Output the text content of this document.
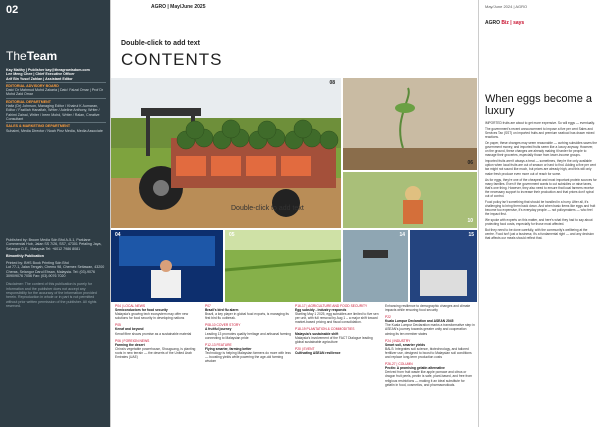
02
TheTeam
Kay Malthy | Publisher kay@theagrowisdom.com
Lee Meng Chee | Chief Executive Officer
Arif Bin Yusof Zahlan | Assistant Editor
EDITORIAL ADVISORY BOARD
Dato' Dr Mahmud Mohd Zakaria | Dato' Faizal Omar | Prof Dr Mohd Zaid Omar
EDITORIAL DEPARTMENT
Hafiz (Dr) Johnson, Managing Editor / Khairul K Aumaran, Editor / Fazillah Hanafiah, Writer / Adeline Anthony, Writer / Fahimi Zainal, Writer / Ireen Mohd, Writer / Ralan, Creative Consultant
SALES & MARKETING DEPARTMENT
Suhaimi, Media Director / Noah Pinz Media, Media Associate
Published by: Broom Media Sdn Bhd A-5-1, Parklane Commercial Hub, Jalan SS 7/26, SS7, 47301 Petaling Jaya, Selangor D.E., Malaysia Tel: +6012 7986 8081
Bimonthly Publication
Printed by: BHS Book Printing Sdn Bhd
Lot 77-1, Jalan Tengah, Chemo 98, Chemex Setiawan, 43200 Cheras, Selangor Darul Ehsan, Malaysia. Tel: (03)-9076 3090/9076 7056 Fax: (03)-9076 7020
Disclaimer: The content of this publication is purely for information and the publisher does not accept any responsibility for the accuracy of the information provided herein. Reproduction in whole or in part is not permitted without prior written permission of the publisher. All rights reserved.
AGRO | May/June 2025
Double-click to add text
CONTENTS
08
Double-click to add text
06
10
04	05	14	15
P04 | LOCAL NEWS
Semiconductors for food security
Malaysia's growing tech ecosystem may offer new solutions for food security in developing nations
P05
Kenaf and beyond
Kenaf fibre shows promise as a sustainable material
P06 | FOREIGN NEWS
Farming the desert
China's vegetable powerhouse, Shouguang, is planting roots in new terrain — the deserts of the United Arab Emirates (UAE)
P07
Brazil's bird flu alarm
Brazil, a key player in global food exports, is managing its first bird flu outbreak.
P08-10 COVER STORY
A fruitful journey
Leading 13 promotes quality heritage and artisanal farming connecting to Malaysian pride
P12-13 FEATURE
Flying smarter, farming better
Technology is helping Malaysian farmers do more with less — boosting yields while powering the age-old farming wisdom
P16-17 | AGRICULTURE AND FOOD SECURITY
Egg subsidy - industry responds
Starting May 1 2025, egg subsidies are limited to five sen per unit, with full removal by Aug 1 – a major shift toward market-based pricing and fiscal consolidation.
P18-19 PLANTATION & COMMODITIES
Malaysia's sustainable shift
Malaysia's involvement of the FACT Dialogue leading global sustainable agriculture
P20 | EVENT
Cultivating ASEAN resilience
Enhancing resilience to demographic changes and climate impacts while ensuring food security
P22
Kuala Lumpur Declaration and ASEAN 2045
The Kuala Lumpur Declaration marks a transformative step in ASEAN's journey towards greater unity and cooperation aiming its ten member states
P24 | INDUSTRY
Smart soil, smarter yields
BALS: Integrates soil science, biotechnology, and tailored fertilizer use, designed to boost to Malaysian soil conditions and replace long-term production costs
P26-27 | COLUMN
Pectin: A promising gelatin alternative
Derived from fruit waste like apple pomace and citrus or dragon fruit peels, pectin is safe, plant-based, and free from religious restrictions — making it an ideal substitute for gelatin in food, cosmetics, and pharmaceuticals.
May/June 2024 | AGRO
AGRO Biz | says
When eggs become a luxury

IMPORTED fruits are about to get more expensive. So will eggs — eventually.

The government's recent announcement to impose a five per cent Sales and Services Tax (SST) on imported fruits and premium seafood has drawn mixed reactions.

On paper, these changes may seem reasonable — curbing subsidies saves the government money, and imported fruits seem like a luxury anyway. However, on the ground, these changes are already making it harder for people to manage their groceries, especially those from lower-income groups.

Imported fruits aren't always a treat — sometimes, they're the only available option when local fruits are out of season or hard to find. Adding a five per cent tax might not sound like much, but prices are already high, and this will only make fresh produce even more out of reach for some.

As for eggs, they're one of the cheapest and most important protein sources for many families. Even if the government wants to cut subsidies or raise taxes, that's one thing. However, they also need to ensure that local farmers receive the necessary support to increase their production and that prices don't spiral out of control.

Food policy isn't something that should be handled in a hurry. After all, it's challenging to bring them back down. And when basic items like eggs and fruit become too expensive, it's everyday people — not policymakers — who feel the impact first.

We spoke with experts on this matter, and here's what they had to say about protecting food costs, especially for those most affected.

But they need to be done carefully, with the community's wellbeing at the centre. Food isn't just a business; it's a fundamental right — and any decision that affects our meals should reflect that.
